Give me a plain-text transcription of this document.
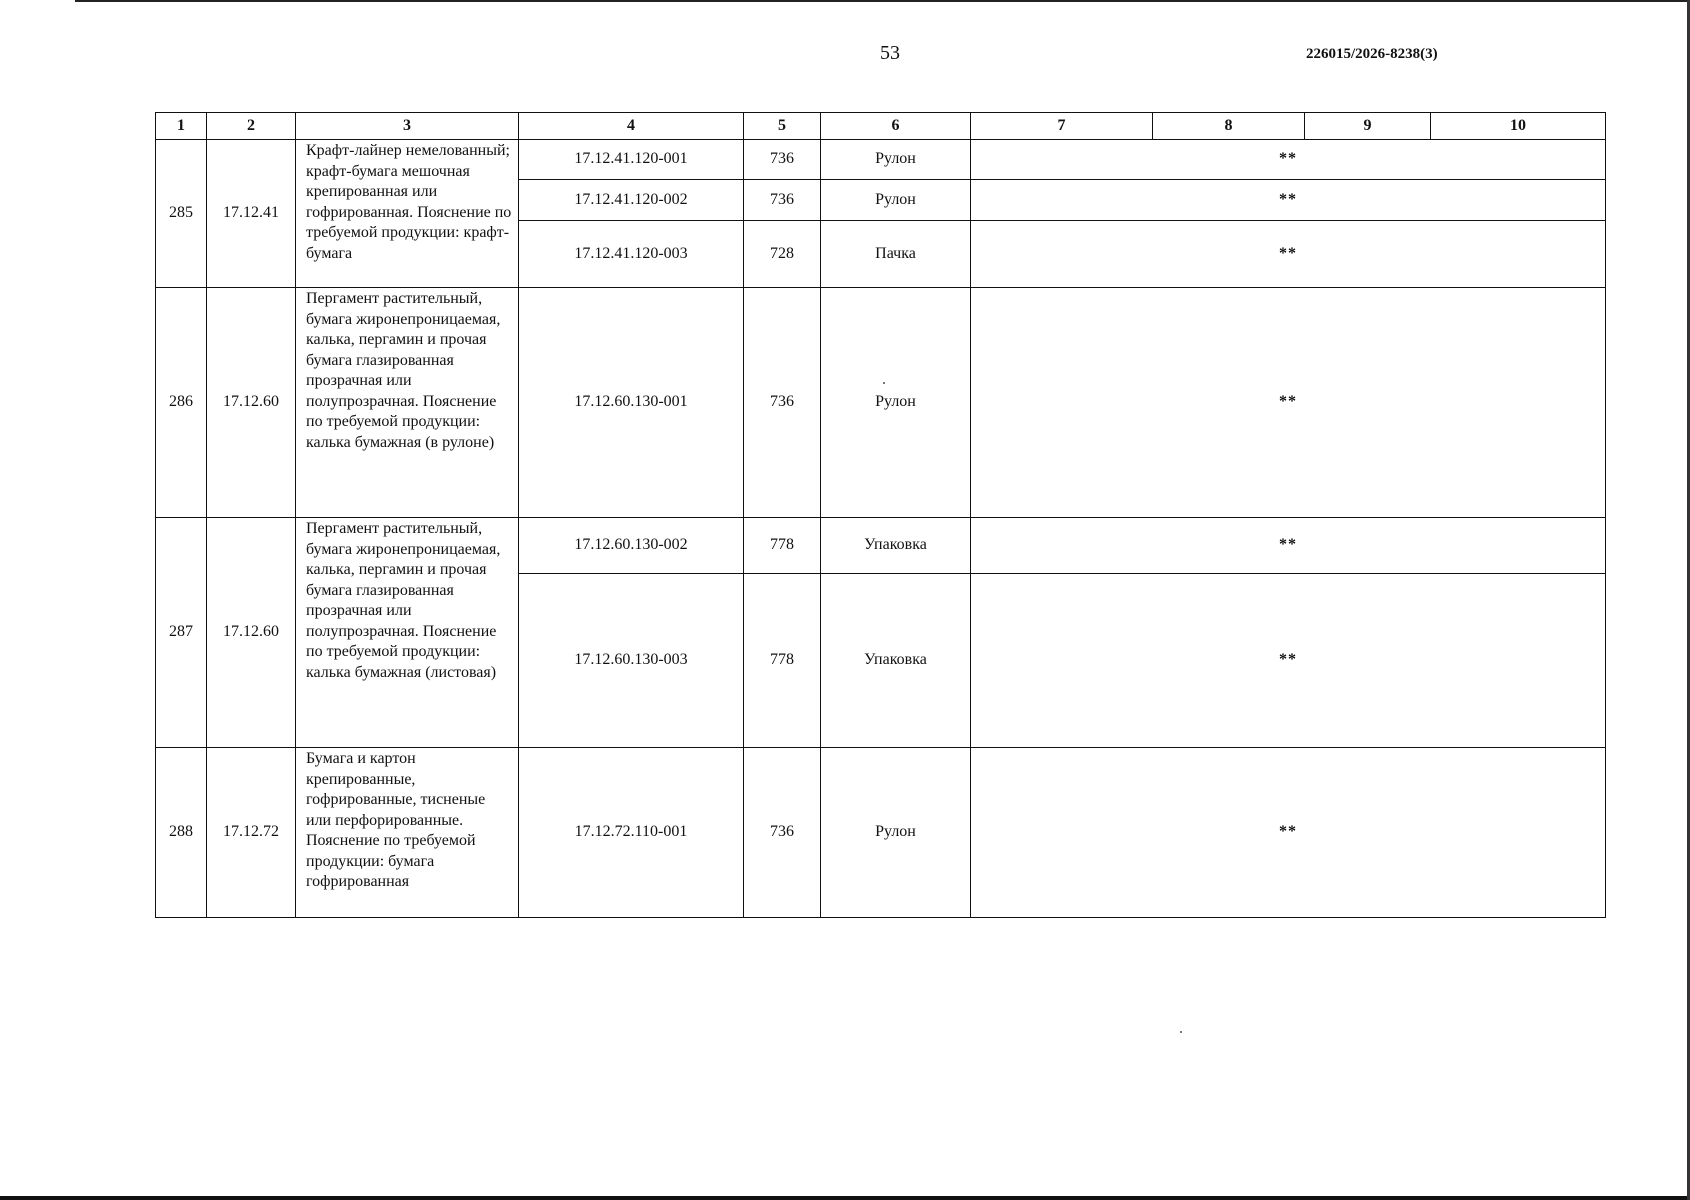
53	226015/2026-8238(3)
1	2	3	4	5	6	7	8	9	10
285	17.12.41	Крафт-лайнер немелованный; крафт-бумага мешочная крепированная или гофрированная. Пояснение по требуемой продукции: крафт-бумага	17.12.41.120-001	736	Рулон	**			
			17.12.41.120-002	736	Рулон	**			
			17.12.41.120-003	728	Пачка	**			
286	17.12.60	Пергамент растительный, бумага жиронепроницаемая, калька, пергамин и прочая бумага глазированная прозрачная или полупрозрачная. Пояснение по требуемой продукции: калька бумажная (в рулоне)	17.12.60.130-001	736	Рулон	**			
287	17.12.60	Пергамент растительный, бумага жиронепроницаемая, калька, пергамин и прочая бумага глазированная прозрачная или полупрозрачная. Пояснение по требуемой продукции: калька бумажная (листовая)	17.12.60.130-002	778	Упаковка	**			
			17.12.60.130-003	778	Упаковка	**			
288	17.12.72	Бумага и картон крепированные, гофрированные, тисненые или перфорированные. Пояснение по требуемой продукции: бумага гофрированная	17.12.72.110-001	736	Рулон	**			
